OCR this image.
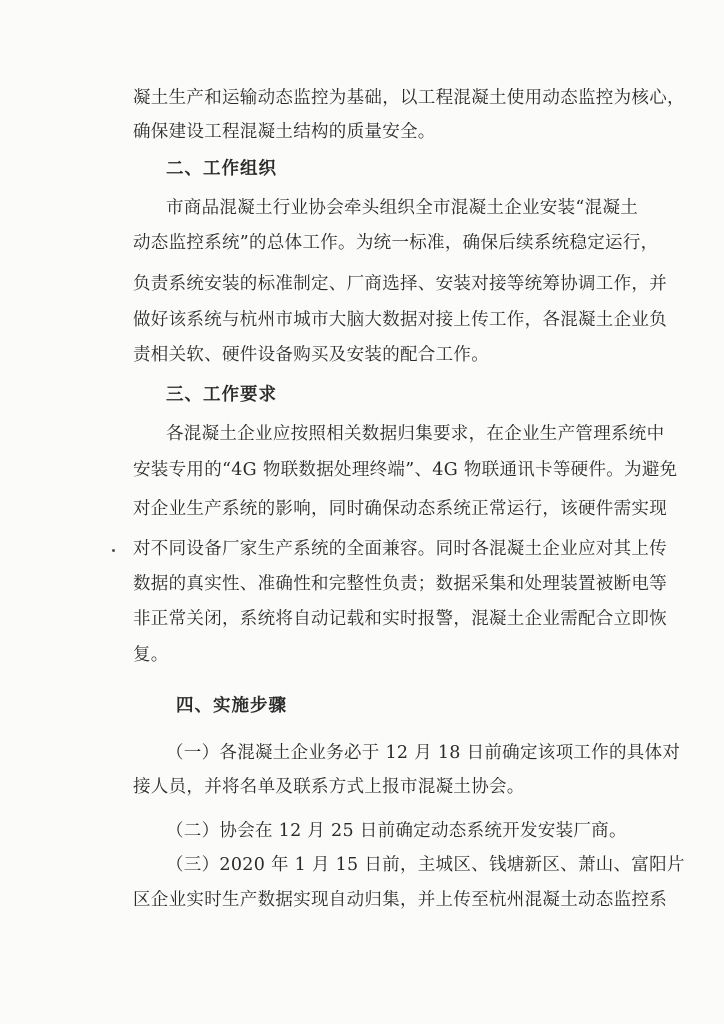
凝土生产和运输动态监控为基础，以工程混凝土使用动态监控为核心，
确保建设工程混凝土结构的质量安全。
二、工作组织
市商品混凝土行业协会牵头组织全市混凝土企业安装“混凝土
动态监控系统”的总体工作。为统一标准，确保后续系统稳定运行，
负责系统安装的标准制定、厂商选择、安装对接等统筹协调工作，并
做好该系统与杭州市城市大脑大数据对接上传工作，各混凝土企业负
责相关软、硬件设备购买及安装的配合工作。
三、工作要求
各混凝土企业应按照相关数据归集要求，在企业生产管理系统中
安装专用的“4G 物联数据处理终端”、4G 物联通讯卡等硬件。为避免
对企业生产系统的影响，同时确保动态系统正常运行，该硬件需实现
对不同设备厂家生产系统的全面兼容。同时各混凝土企业应对其上传
数据的真实性、准确性和完整性负责；数据采集和处理装置被断电等
非正常关闭，系统将自动记载和实时报警，混凝土企业需配合立即恢
复。
四、实施步骤
（一）各混凝土企业务必于 12 月 18 日前确定该项工作的具体对
接人员，并将名单及联系方式上报市混凝土协会。
（二）协会在 12 月 25 日前确定动态系统开发安装厂商。
（三）2020 年 1 月 15 日前，主城区、钱塘新区、萧山、富阳片
区企业实时生产数据实现自动归集，并上传至杭州混凝土动态监控系
